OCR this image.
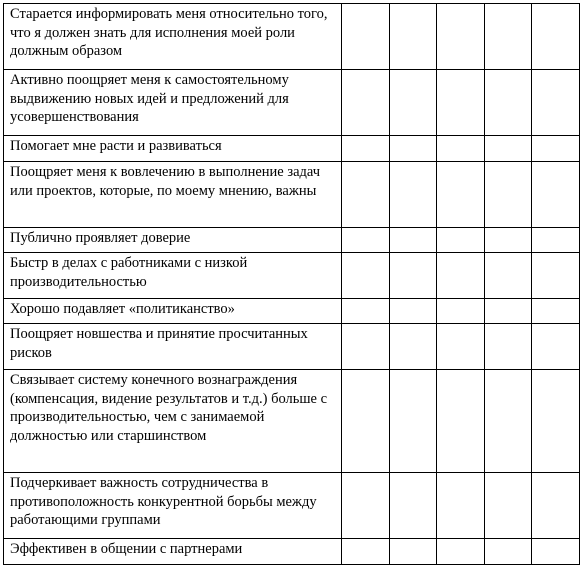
Старается информировать меня относительно того, что я должен знать для исполнения моей роли должным образом					
Активно поощряет меня к самостоятельному выдвижению новых идей и предложений для усовершенствования					
Помогает мне расти и развиваться					
Поощряет меня к вовлечению в выполнение задач или проектов, которые, по моему мнению, важны					
Публично проявляет доверие					
Быстр в делах с работниками с низкой производительностью					
Хорошо подавляет «политиканство»					
Поощряет новшества и принятие просчитанных рисков					
Связывает систему конечного вознаграждения (компенсация, видение результатов и т.д.) больше с производительностью, чем с занимаемой должностью или старшинством					
Подчеркивает важность сотрудничества в противоположность конкурентной борьбы между работающими группами					
Эффективен в общении с партнерами					
